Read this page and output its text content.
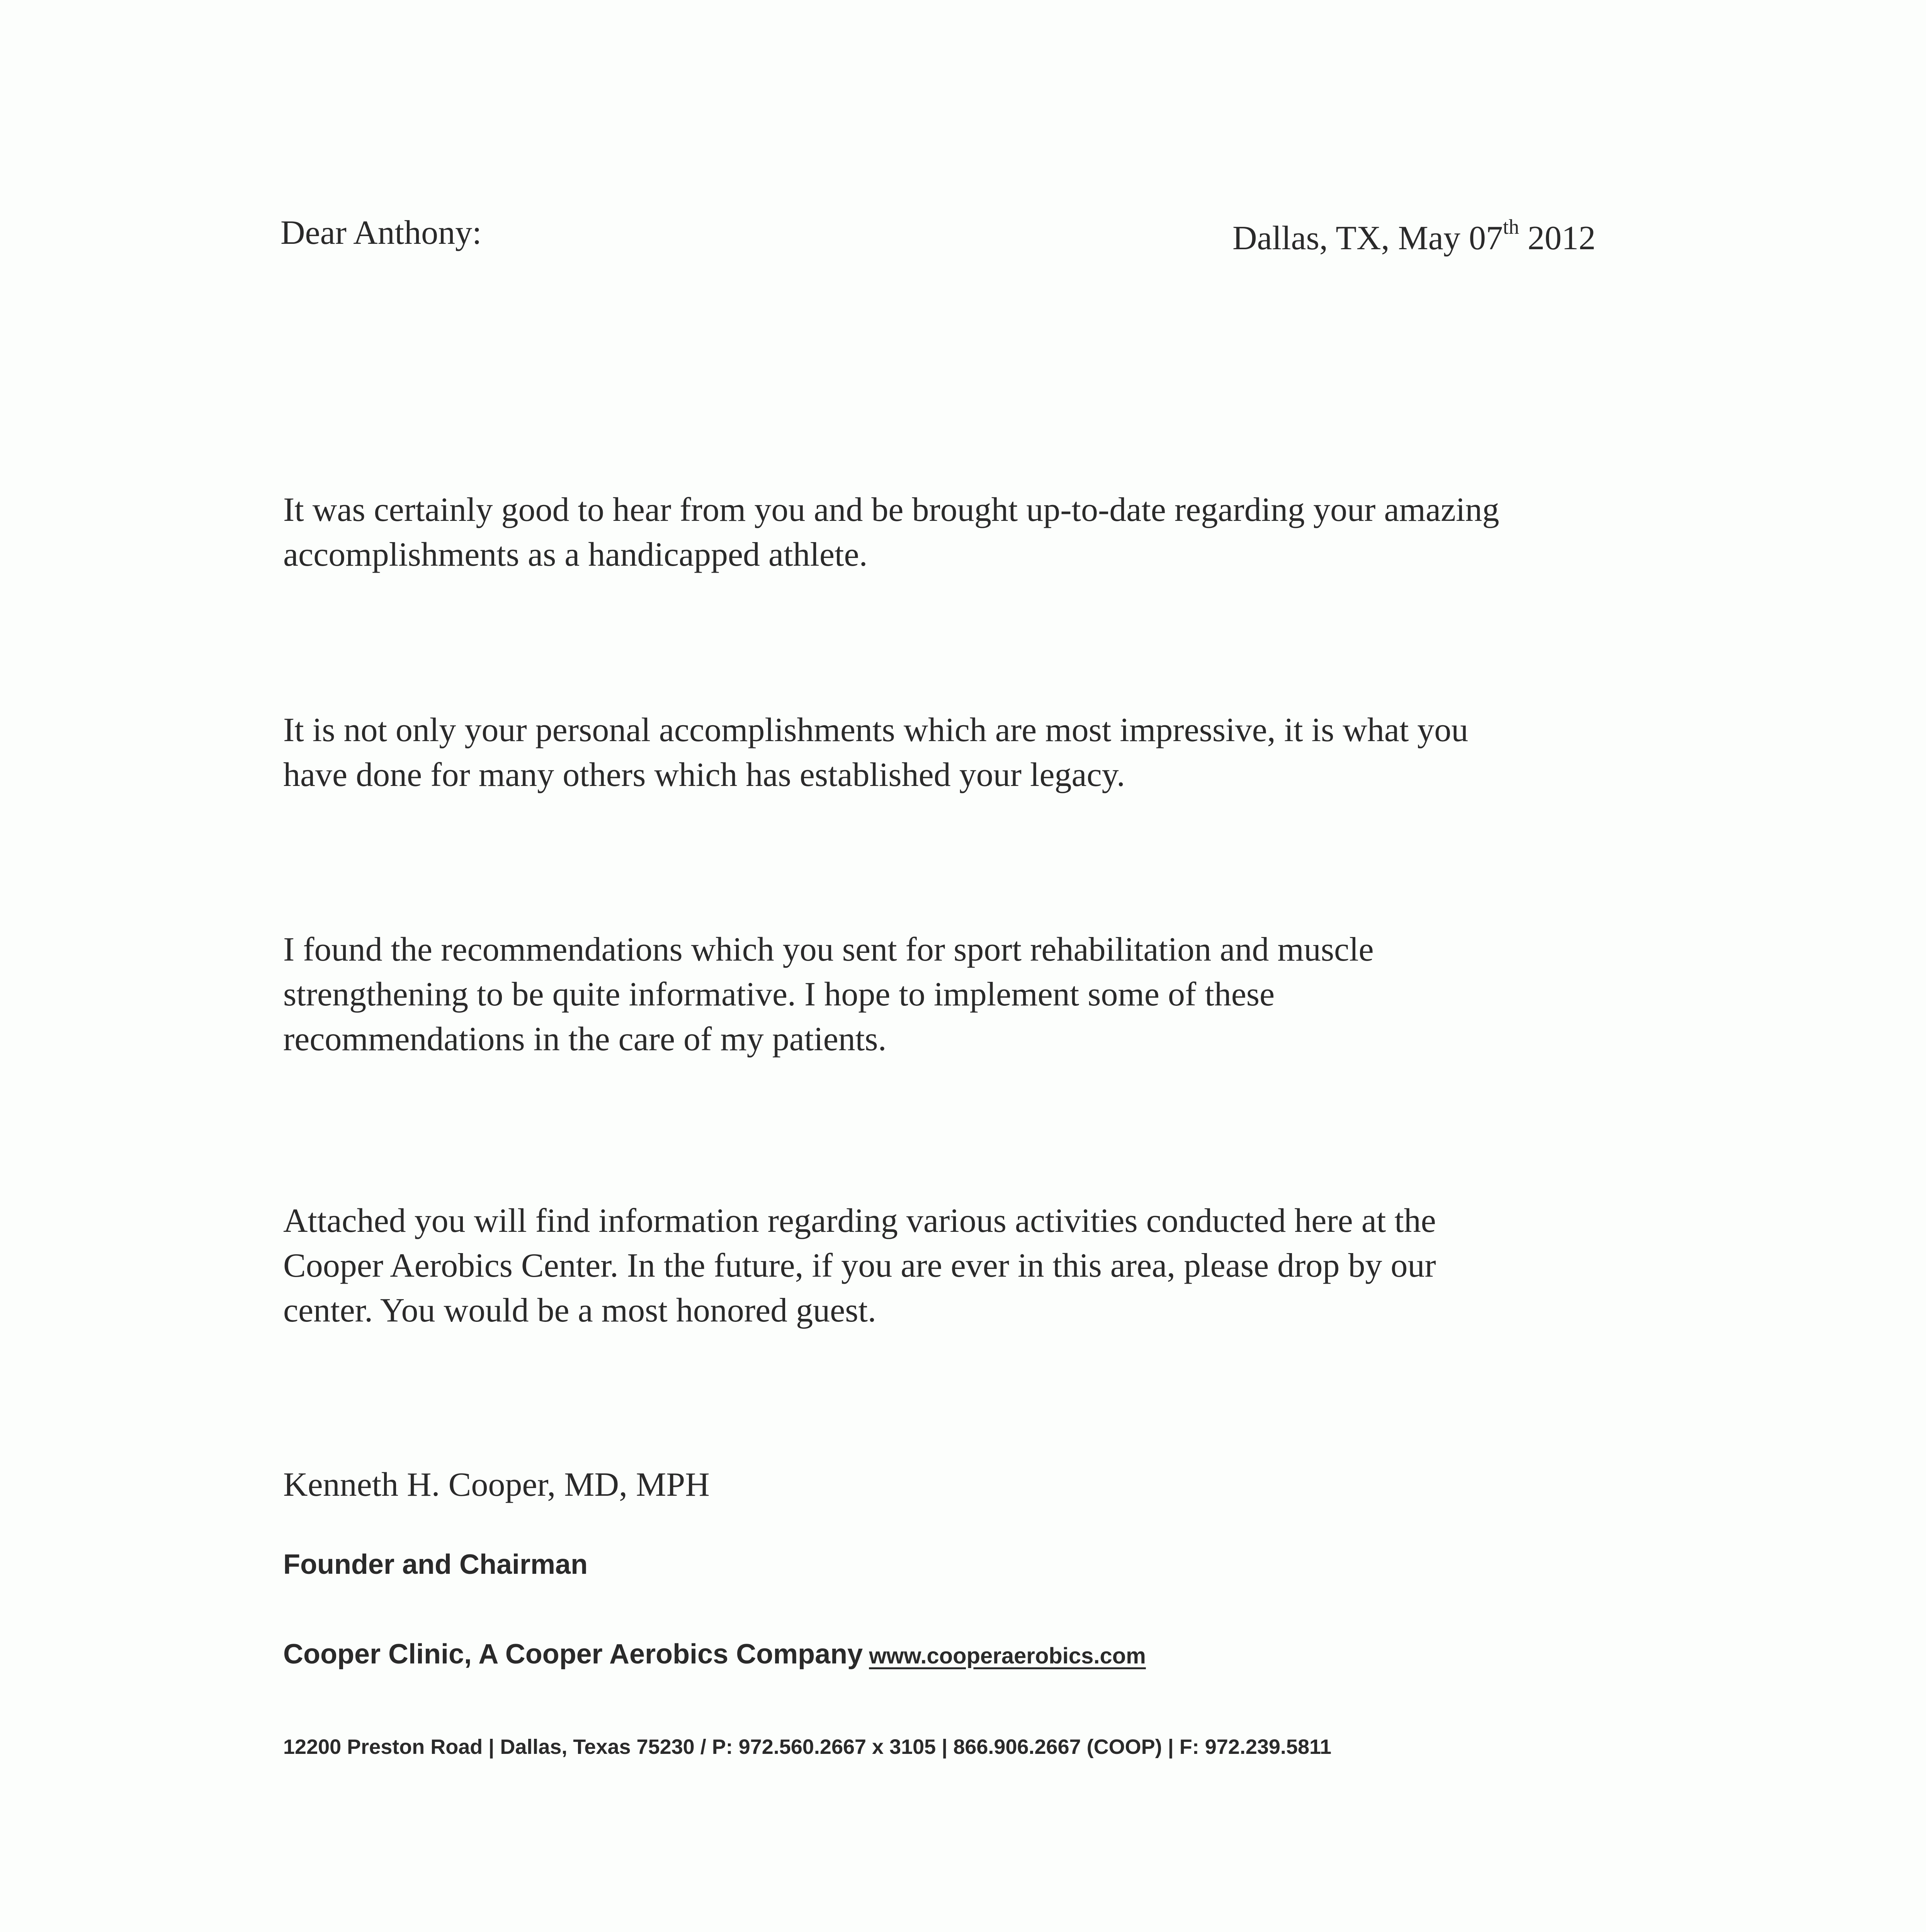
Dear Anthony:	Dallas, TX, May 07th 2012

It was certainly good to hear from you and be brought up-to-date regarding your amazing
accomplishments as a handicapped athlete.

It is not only your personal accomplishments which are most impressive, it is what you
have done for many others which has established your legacy.

I found the recommendations which you sent for sport rehabilitation and muscle
strengthening to be quite informative. I hope to implement some of these
recommendations in the care of my patients.

Attached you will find information regarding various activities conducted here at the
Cooper Aerobics Center. In the future, if you are ever in this area, please drop by our
center. You would be a most honored guest.

Kenneth H. Cooper, MD, MPH
Founder and Chairman
Cooper Clinic, A Cooper Aerobics Company www.cooperaerobics.com
12200 Preston Road | Dallas, Texas 75230 / P: 972.560.2667 x 3105 | 866.906.2667 (COOP) | F: 972.239.5811
